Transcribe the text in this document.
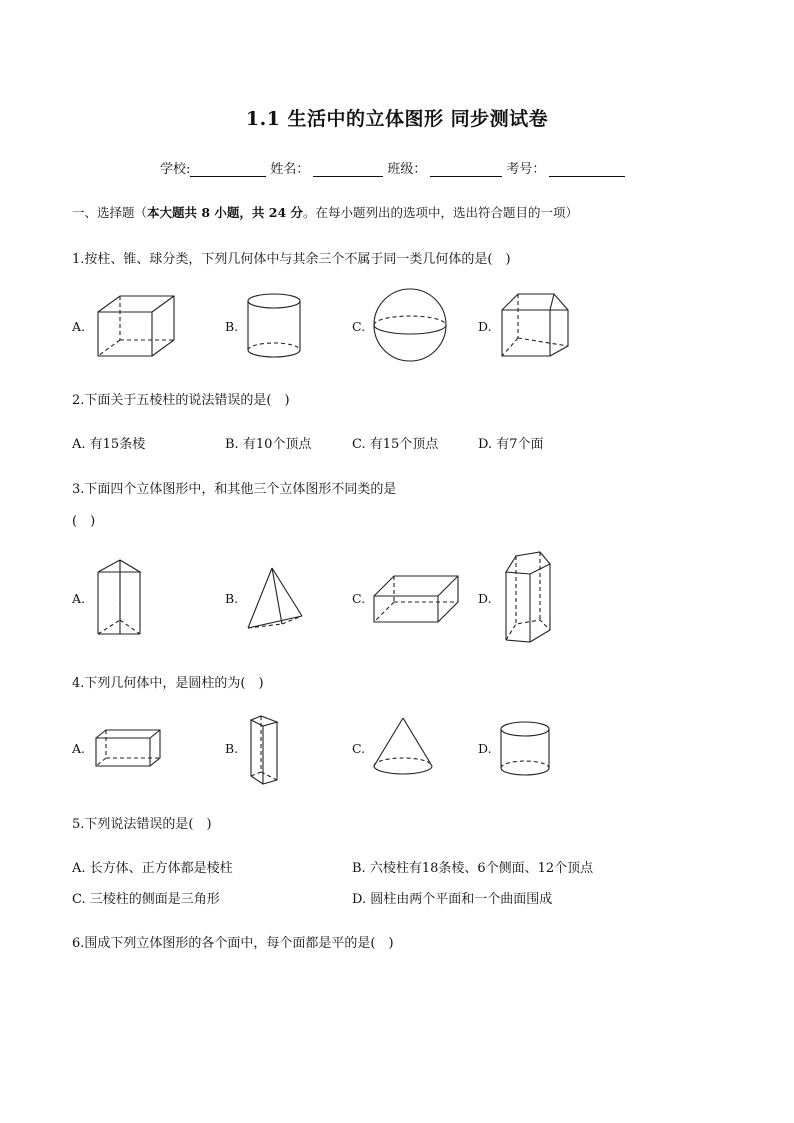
1.1 生活中的立体图形 同步测试卷
学校:	姓名：	班级：	考号：
一、选择题（本大题共 8 小题，共 24 分。在每小题列出的选项中，选出符合题目的一项）
1.按柱、锥、球分类，下列几何体中与其余三个不属于同一类几何体的是(　)
A.	B.	C.	D.
2.下面关于五棱柱的说法错误的是(　)
A. 有15条棱	B. 有10个顶点	C. 有15个顶点	D. 有7个面
3.下面四个立体图形中，和其他三个立体图形不同类的是
(　)
A.	B.	C.	D.
4.下列几何体中，是圆柱的为(　)
A.	B.	C.	D.
5.下列说法错误的是(　)
A. 长方体、正方体都是棱柱	B. 六棱柱有18条棱、6个侧面、12个顶点
C. 三棱柱的侧面是三角形	D. 圆柱由两个平面和一个曲面围成
6.围成下列立体图形的各个面中，每个面都是平的是(　)
